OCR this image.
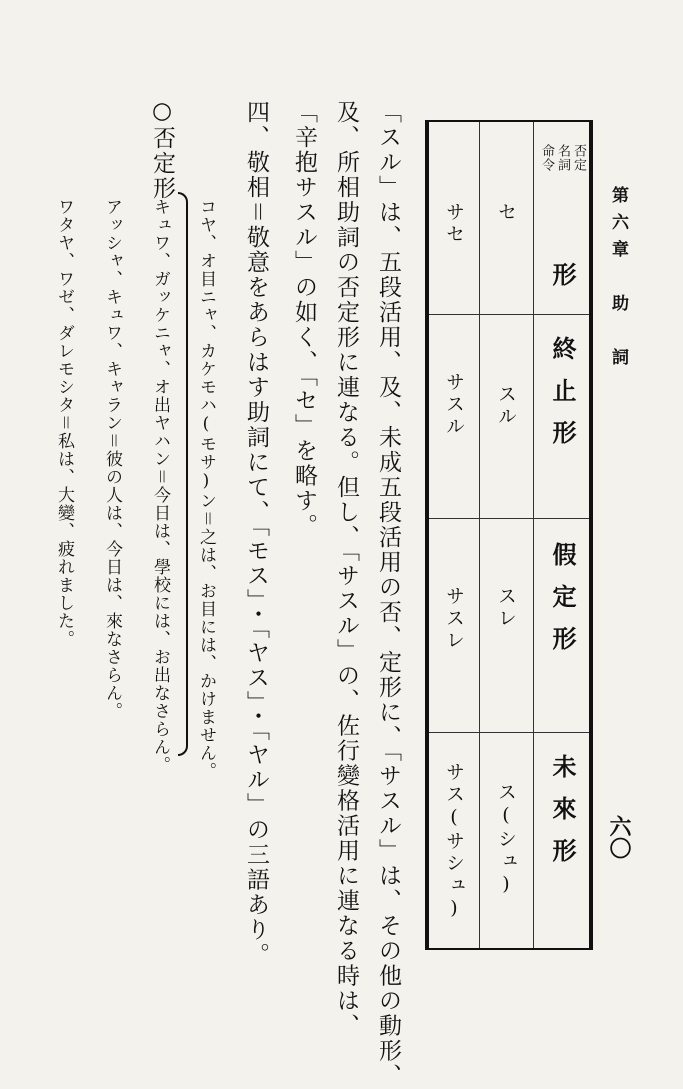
第六章　助　詞
六〇
否定
名詞
命令
形
終止形
假定形
未來形
セ
スル
スレ
ス(シュ)
サセ
サスル
サスレ
サス(サシュ)
「スル」は、五段活用、及、未成五段活用の否、定形に、「サスル」は、その他の動形、
及、所相助詞の否定形に連なる。但し、「サスル」の、佐行變格活用に連なる時は、
「辛抱サスル」の如く、「セ」を略す。
四、敬相＝敬意をあらはす助詞にて、「モス」・「ヤス」・「ヤル」の三語あり。
○否定形
コヤ、オ目ニャ、カケモハ(モサ)ン＝之は、お目には、かけません。
キュワ、ガッケニャ、オ出ヤハン＝今日は、學校には、お出なさらん。
アッシャ、キュワ、キャラン＝彼の人は、今日は、來なさらん。
ワタヤ、ワゼ、ダレモシタ＝私は、大變、疲れました。
